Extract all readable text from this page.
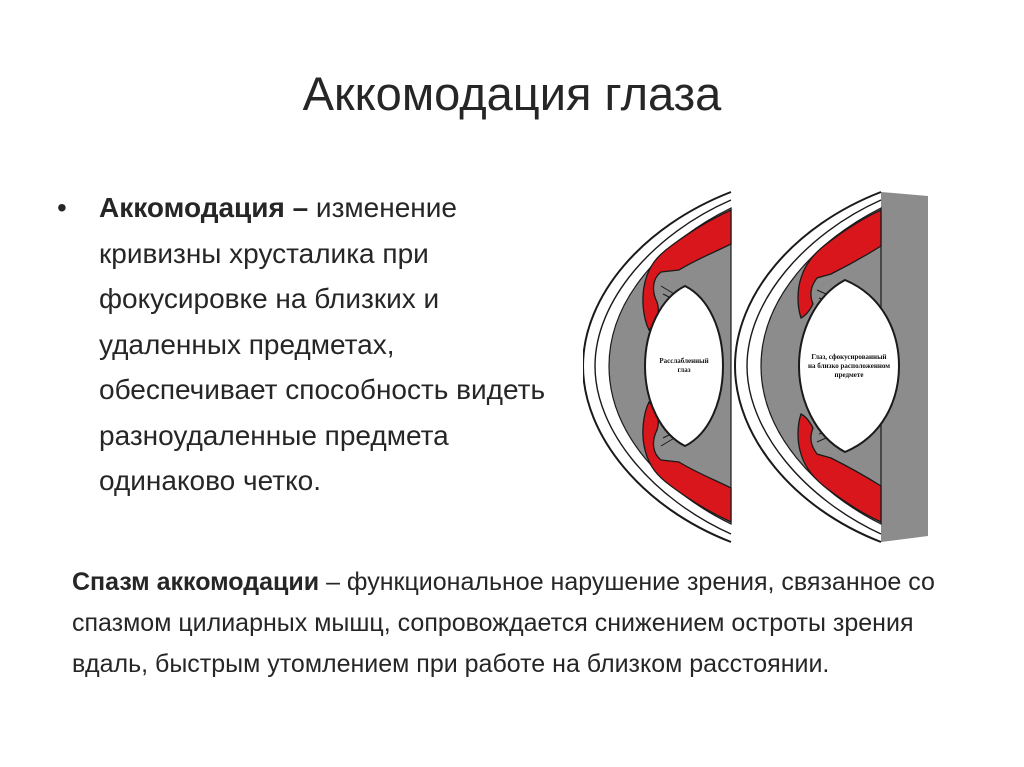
Аккомодация глаза
• Аккомодация – изменение кривизны хрусталика при фокусировке на близких и удаленных предметах, обеспечивает способность видеть разноудаленные предмета одинаково четко.
Расслабленный
глаз
Глаз, сфокусированный
на близко расположенном
предмете
Спазм аккомодации – функциональное нарушение зрения, связанное со спазмом цилиарных мышц, сопровождается снижением остроты зрения вдаль, быстрым утомлением при работе на близком расстоянии.
